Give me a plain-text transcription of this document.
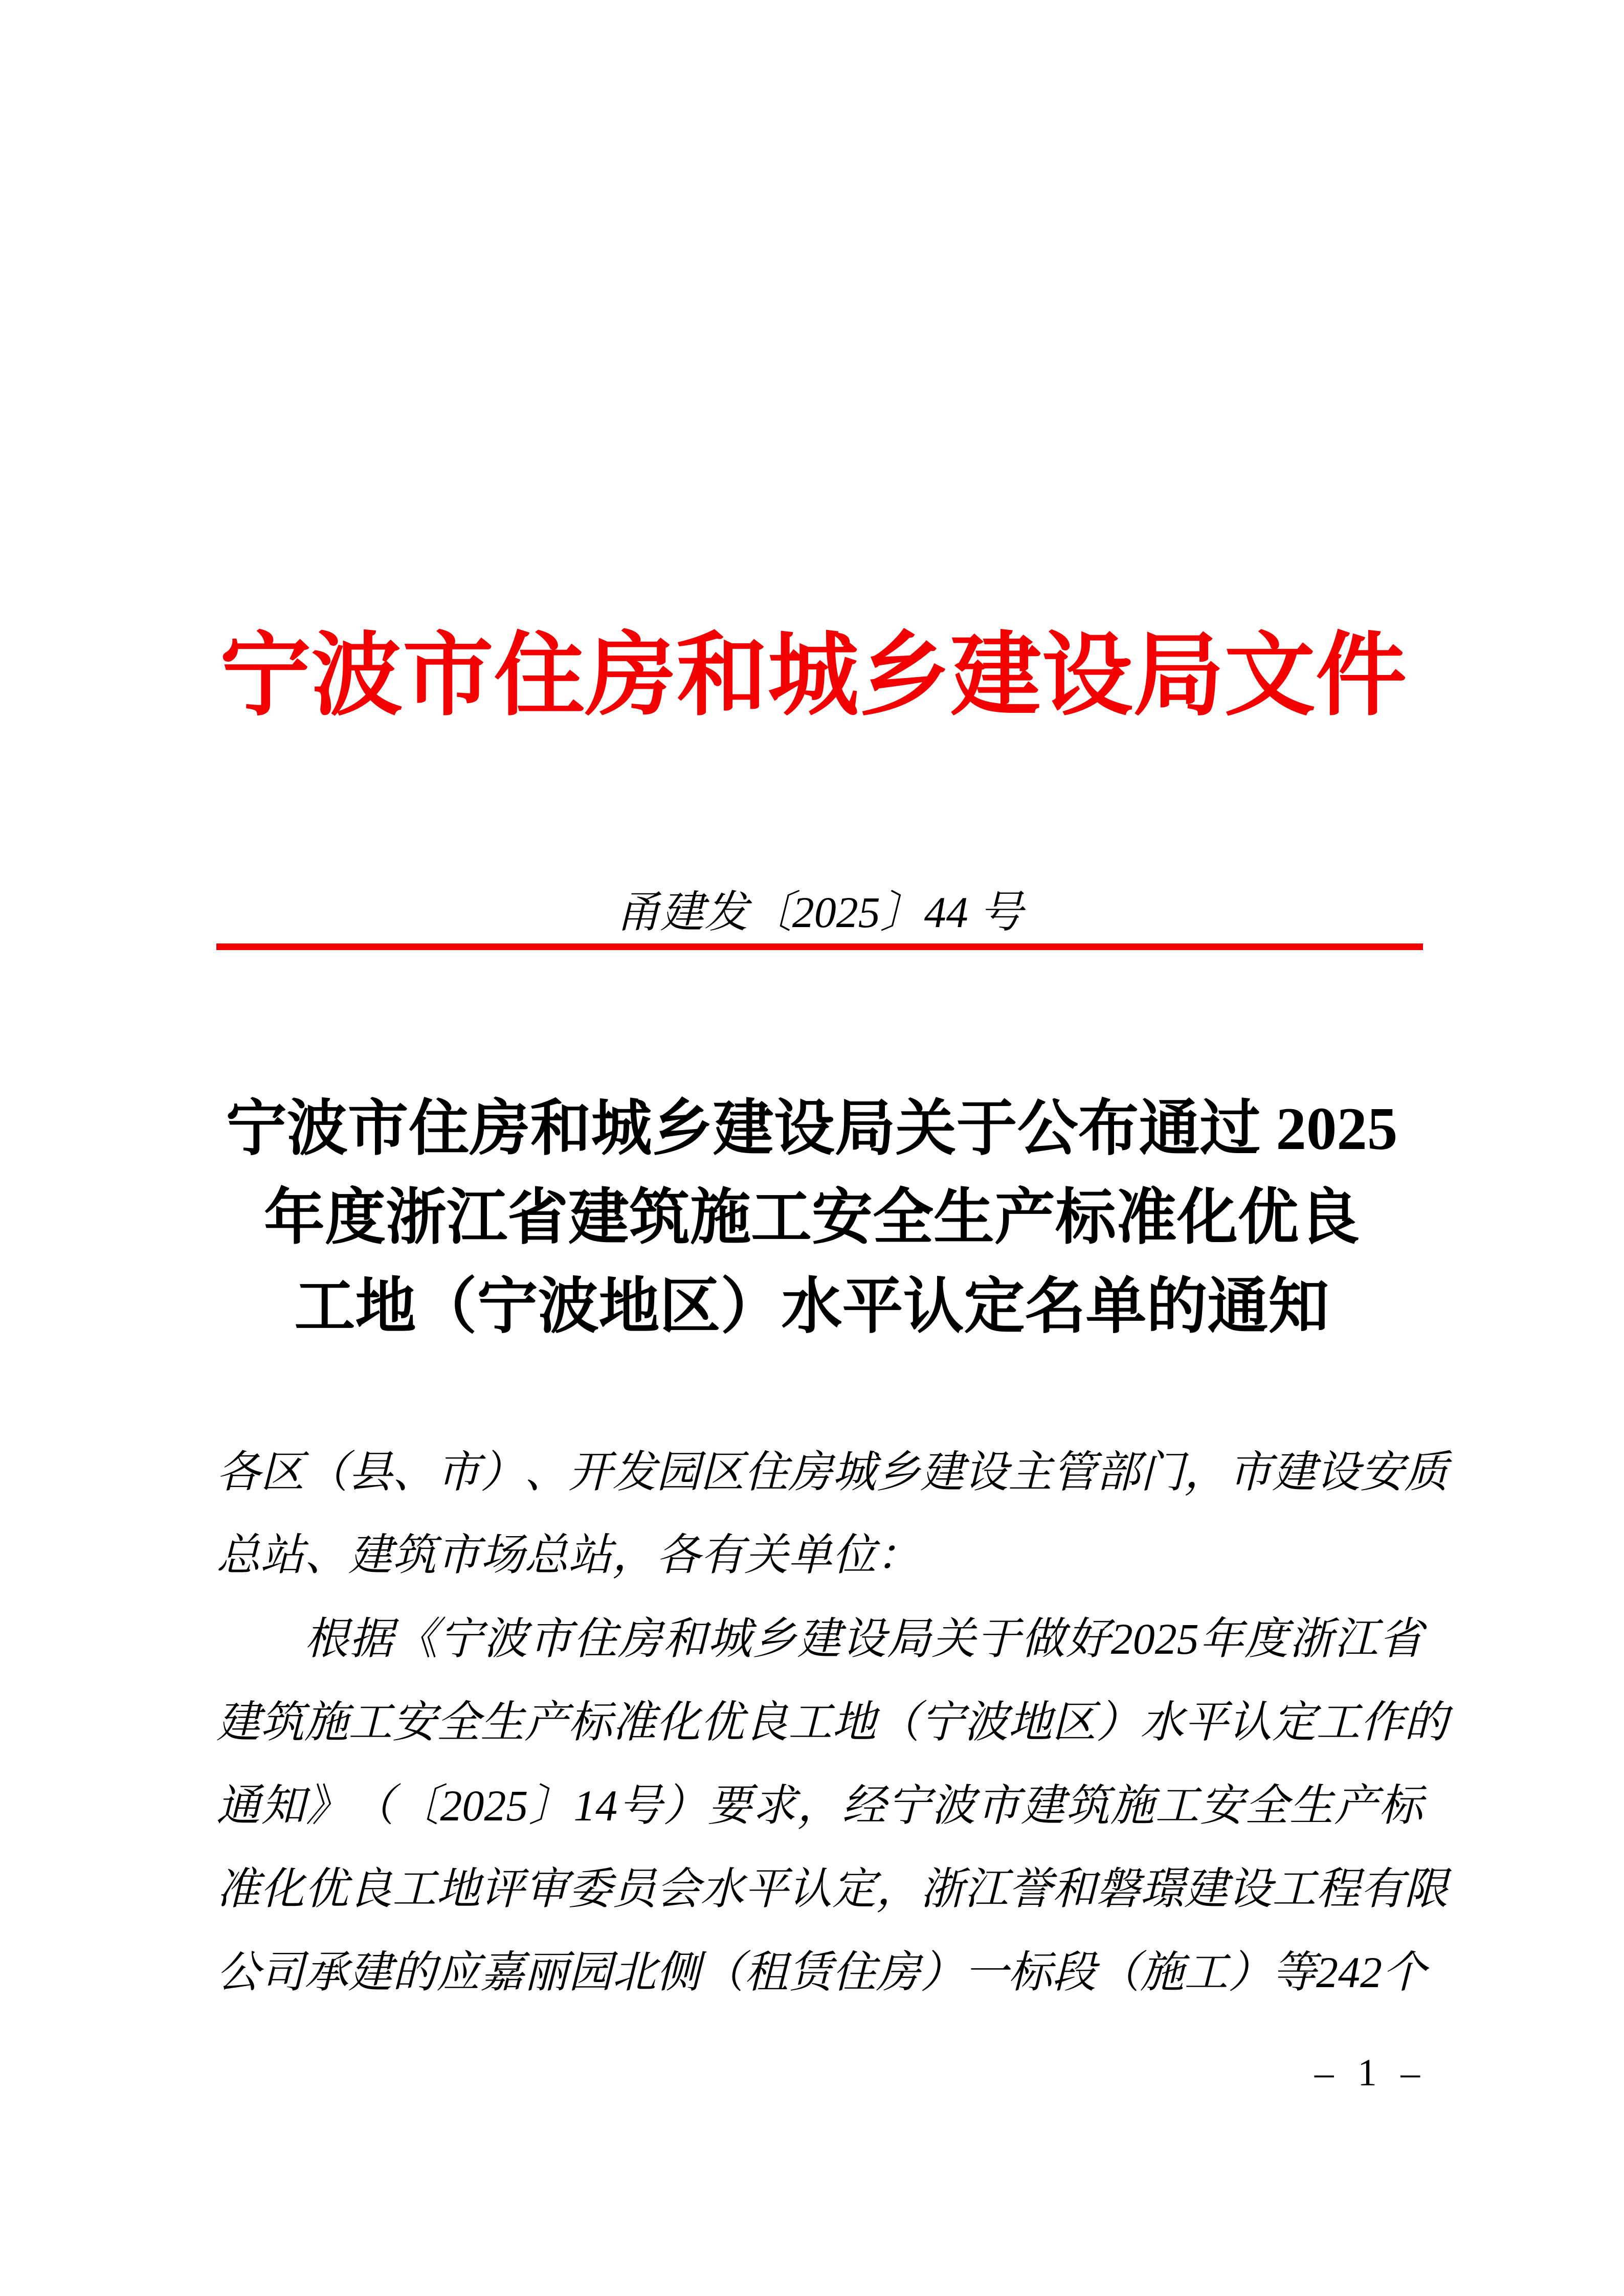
宁 波 市 住 房 和 城 乡 建 设 局 文 件
甬建发〔2025〕44 号
宁波市住房和城乡建设局关于公布通过 2025
年度浙江省建筑施工安全生产标准化优良
工地（宁波地区）水平认定名单的通知
各 区 （ 县 、 市 ） 、 开 发 园 区 住 房 城 乡 建 设 主 管 部 门 ， 市 建 设 安 质
总站、建筑市场总站，各有关单位：
根 据 《 宁 波 市 住 房 和 城 乡 建 设 局 关 于 做 好 2025 年 度 浙 江 省
建 筑 施 工 安 全 生 产 标 准 化 优 良 工 地 （ 宁 波 地 区 ） 水 平 认 定 工 作 的
通 知 》 （ 〔 2025 〕 14 号 ） 要 求 ， 经 宁 波 市 建 筑 施 工 安 全 生 产 标
准 化 优 良 工 地 评 审 委 员 会 水 平 认 定 ， 浙 江 誉 和 磐 璟 建 设 工 程 有 限
公 司 承 建 的 应 嘉 丽 园 北 侧 （ 租 赁 住 房 ） 一 标 段 （ 施 工 ） 等 242 个
– 1 –
